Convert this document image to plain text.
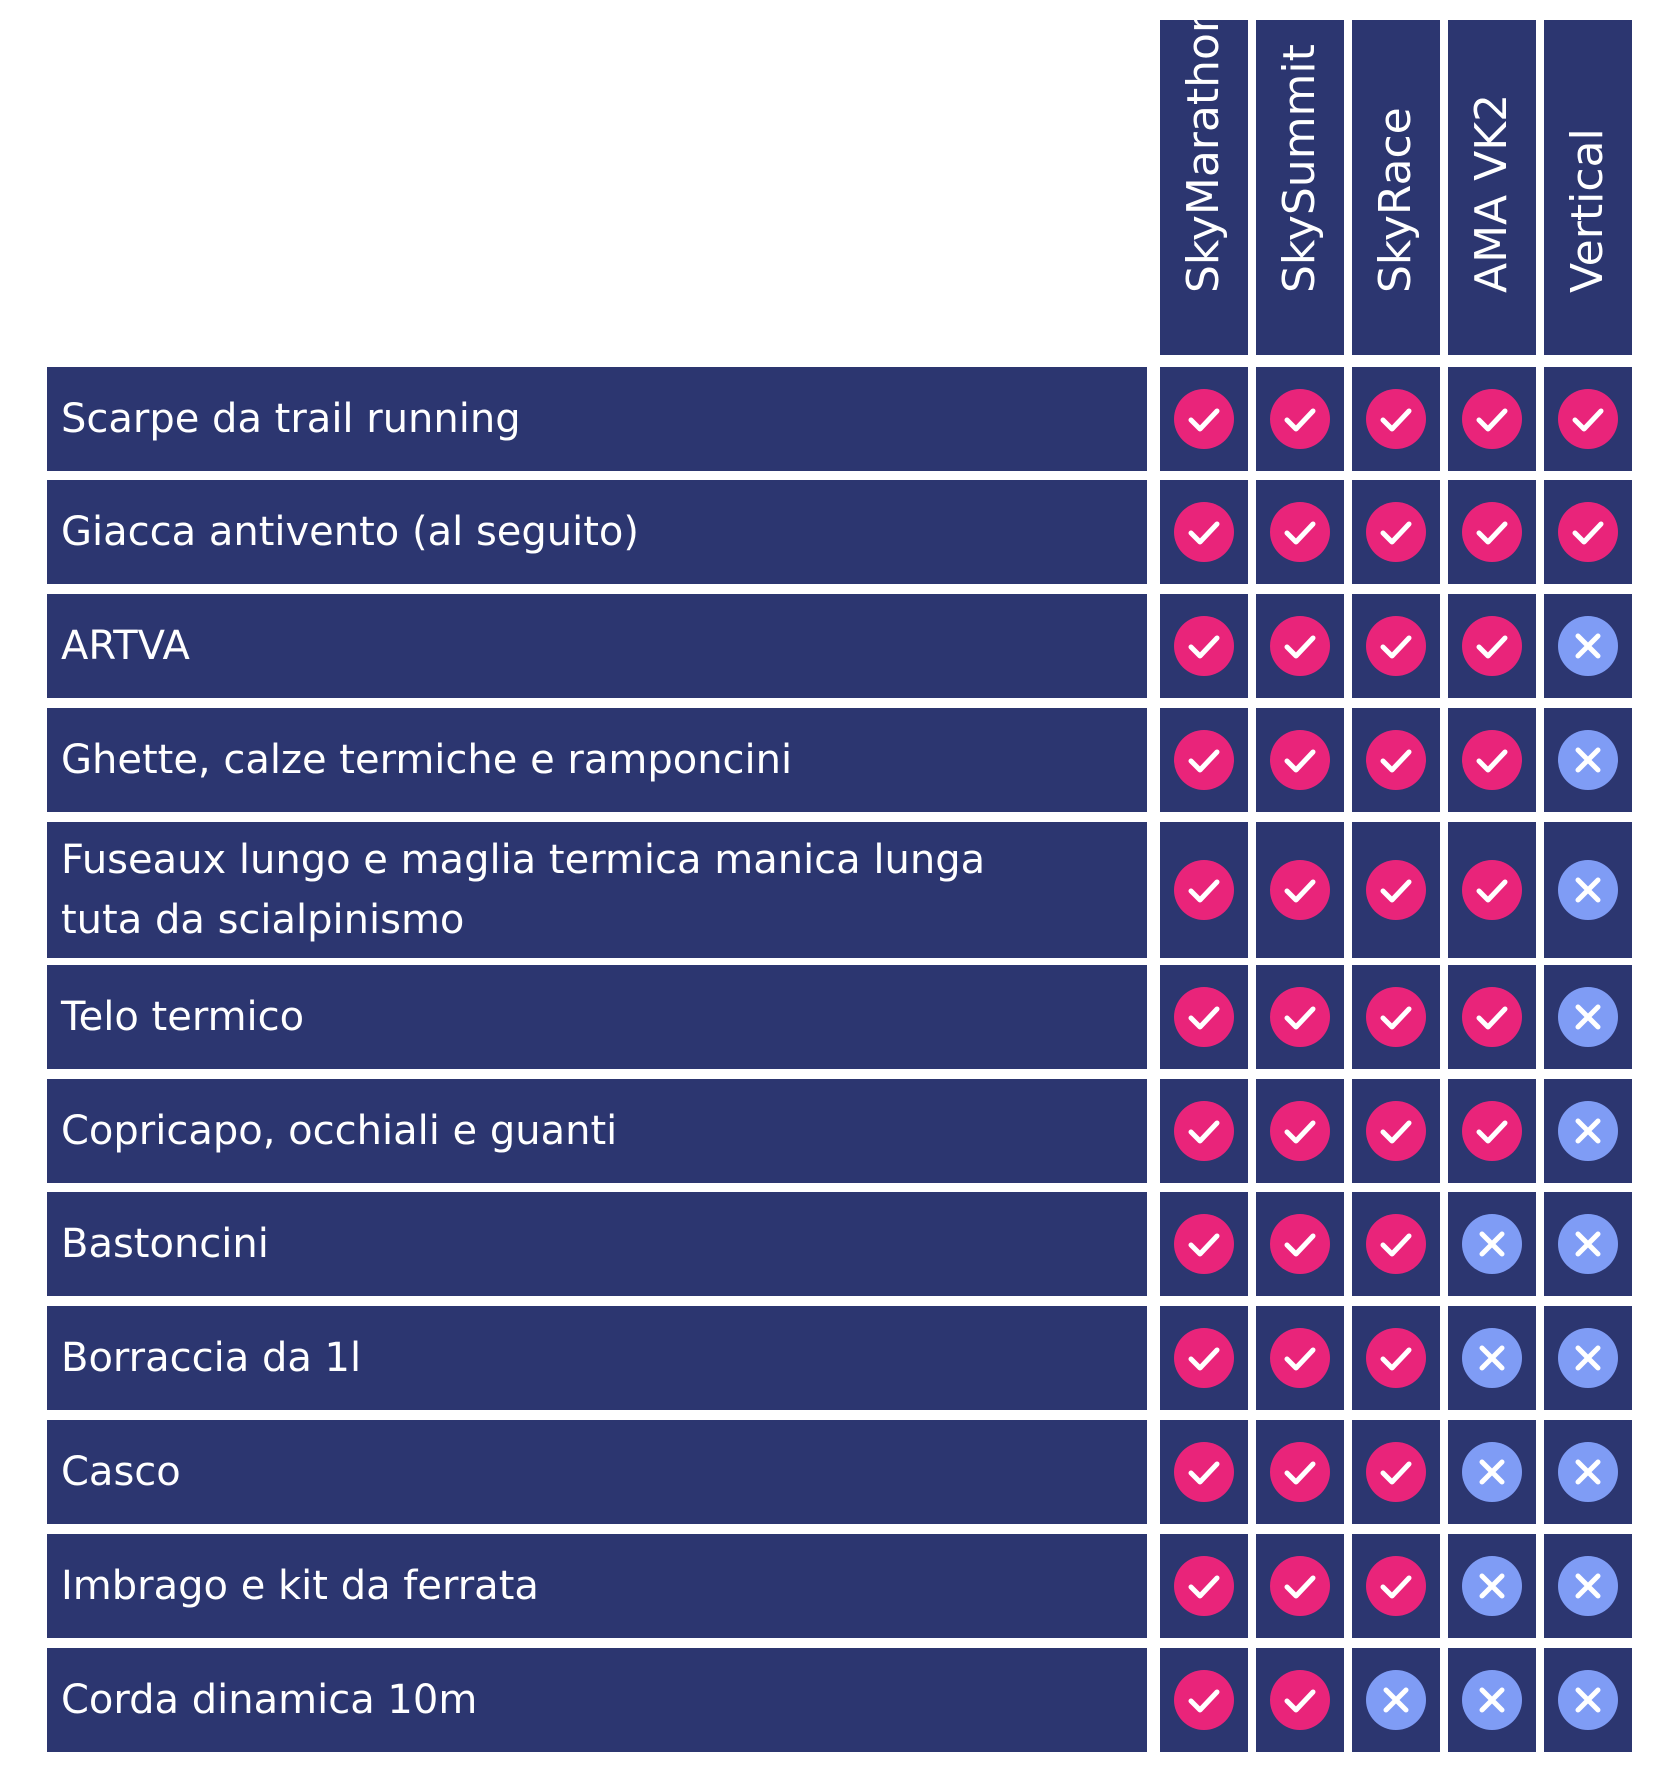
SkyMarathon SkySummit SkyRace AMA VK2 Vertical
Scarpe da trail running
Giacca antivento (al seguito)
ARTVA
Ghette, calze termiche e ramponcini
Fuseaux lungo e maglia termica manica lunga
tuta da scialpinismo
Telo termico
Copricapo, occhiali e guanti
Bastoncini
Borraccia da 1l
Casco
Imbrago e kit da ferrata
Corda dinamica 10m
